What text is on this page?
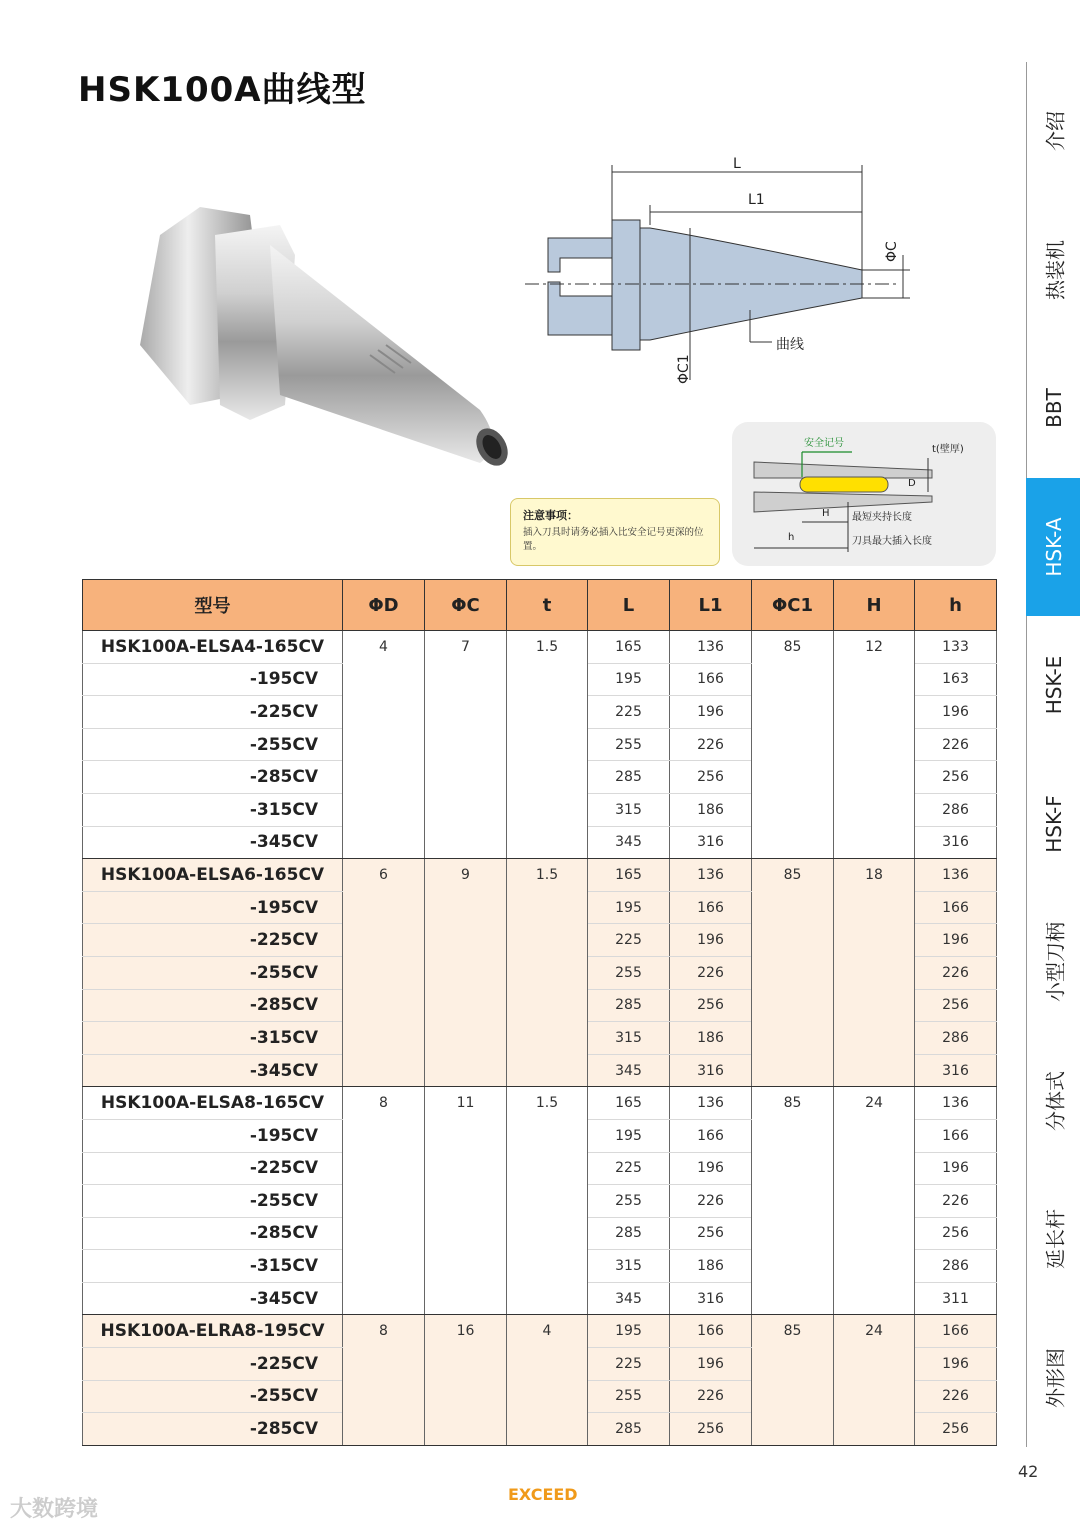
HSK100A曲线型
L
L1
ΦC
ΦC1
曲线
注意事项：
插入刀具时请务必插入比安全记号更深的位置。
安全记号
t(壁厚)
D
H 最短夹持长度
h	刀具最大插入长度
型号	ΦD	ΦC	t	L	L1	ΦC1	H	h
HSK100A-ELSA4-165CV	4	7	1.5	165	136	85	12	133
-195CV				195	166			163
-225CV				225	196			196
-255CV				255	226			226
-285CV				285	256			256
-315CV				315	186			286
-345CV				345	316			316
HSK100A-ELSA6-165CV	6	9	1.5	165	136	85	18	136
-195CV				195	166			166
-225CV				225	196			196
-255CV				255	226			226
-285CV				285	256			256
-315CV				315	186			286
-345CV				345	316			316
HSK100A-ELSA8-165CV	8	11	1.5	165	136	85	24	136
-195CV				195	166			166
-225CV				225	196			196
-255CV				255	226			226
-285CV				285	256			256
-315CV				315	186			286
-345CV				345	316			311
HSK100A-ELRA8-195CV	8	16	4	195	166	85	24	166
-225CV				225	196			196
-255CV				255	226			226
-285CV				285	256			256
介绍
热装机
BBT
HSK-A
HSK-E
HSK-F
小型刀柄
分体式
延长杆
外形图
42
EXCEED
大数跨境
